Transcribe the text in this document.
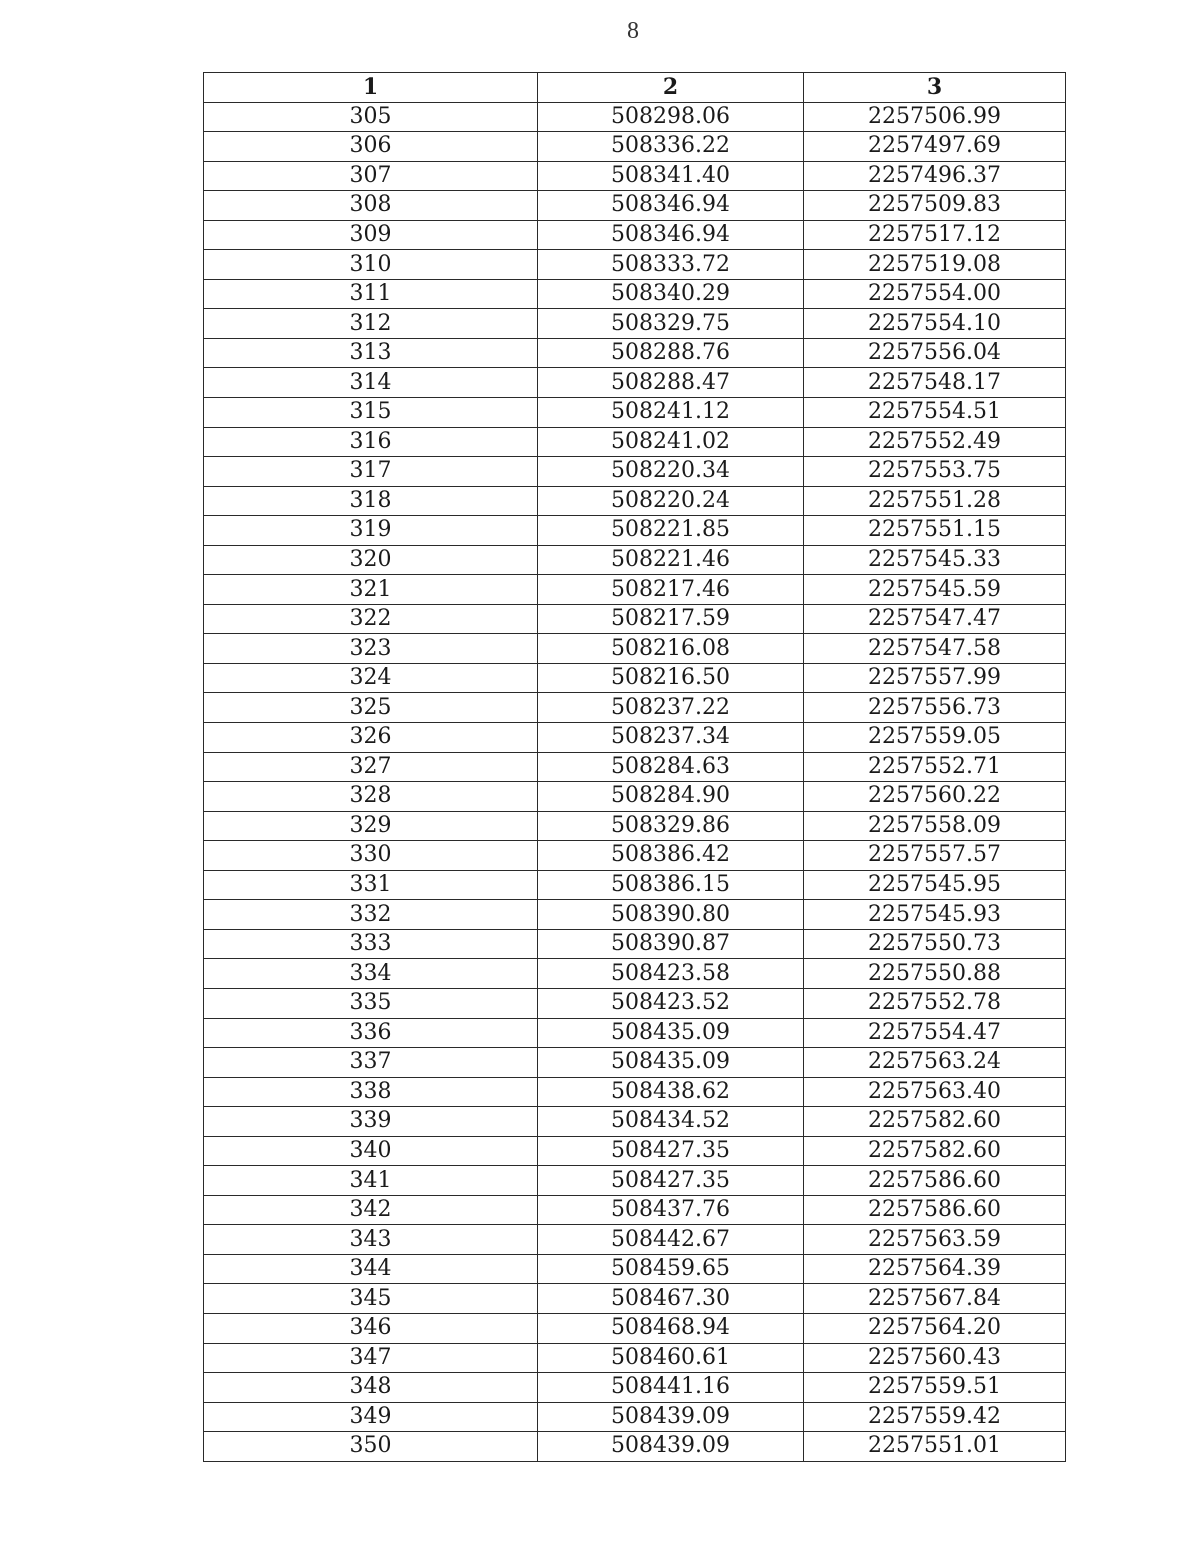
8
1	2	3
305	508298.06	2257506.99
306	508336.22	2257497.69
307	508341.40	2257496.37
308	508346.94	2257509.83
309	508346.94	2257517.12
310	508333.72	2257519.08
311	508340.29	2257554.00
312	508329.75	2257554.10
313	508288.76	2257556.04
314	508288.47	2257548.17
315	508241.12	2257554.51
316	508241.02	2257552.49
317	508220.34	2257553.75
318	508220.24	2257551.28
319	508221.85	2257551.15
320	508221.46	2257545.33
321	508217.46	2257545.59
322	508217.59	2257547.47
323	508216.08	2257547.58
324	508216.50	2257557.99
325	508237.22	2257556.73
326	508237.34	2257559.05
327	508284.63	2257552.71
328	508284.90	2257560.22
329	508329.86	2257558.09
330	508386.42	2257557.57
331	508386.15	2257545.95
332	508390.80	2257545.93
333	508390.87	2257550.73
334	508423.58	2257550.88
335	508423.52	2257552.78
336	508435.09	2257554.47
337	508435.09	2257563.24
338	508438.62	2257563.40
339	508434.52	2257582.60
340	508427.35	2257582.60
341	508427.35	2257586.60
342	508437.76	2257586.60
343	508442.67	2257563.59
344	508459.65	2257564.39
345	508467.30	2257567.84
346	508468.94	2257564.20
347	508460.61	2257560.43
348	508441.16	2257559.51
349	508439.09	2257559.42
350	508439.09	2257551.01
